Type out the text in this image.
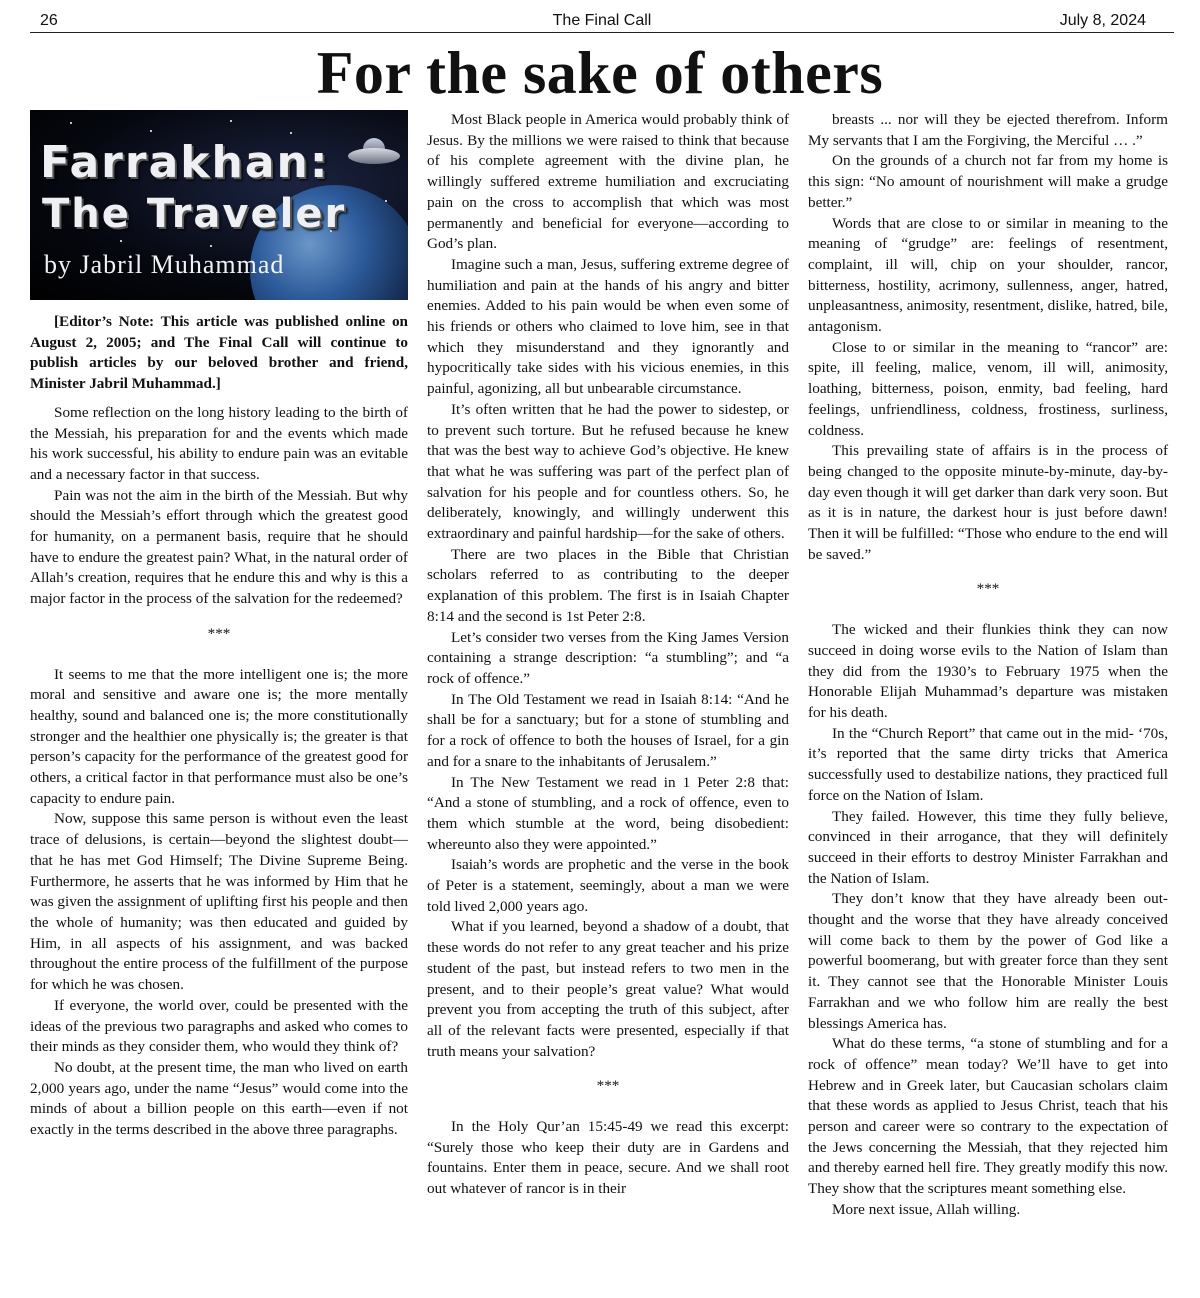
26	The Final Call	July 8, 2024
For the sake of others
Farrakhan:
The Traveler
by Jabril Muhammad

[Editor’s Note: This article was published online on August 2, 2005; and The Final Call will continue to publish articles by our beloved brother and friend, Minister Jabril Muhammad.]

Some reflection on the long history leading to the birth of the Messiah, his preparation for and the events which made his work successful, his ability to endure pain was an evitable and a necessary factor in that success.

Pain was not the aim in the birth of the Messiah. But why should the Messiah’s effort through which the greatest good for humanity, on a permanent basis, require that he should have to endure the greatest pain? What, in the natural order of Allah’s creation, requires that he endure this and why is this a major factor in the process of the salvation for the redeemed?

***

It seems to me that the more intelligent one is; the more moral and sensitive and aware one is; the more mentally healthy, sound and balanced one is; the more constitutionally stronger and the healthier one physically is; the greater is that person’s capacity for the performance of the greatest good for others, a critical factor in that performance must also be one’s capacity to endure pain.

Now, suppose this same person is without even the least trace of delusions, is certain—beyond the slightest doubt—that he has met God Himself; The Divine Supreme Being. Furthermore, he asserts that he was informed by Him that he was given the assignment of uplifting first his people and then the whole of humanity; was then educated and guided by Him, in all aspects of his assignment, and was backed throughout the entire process of the fulfillment of the purpose for which he was chosen.

If everyone, the world over, could be presented with the ideas of the previous two paragraphs and asked who comes to their minds as they consider them, who would they think of?

No doubt, at the present time, the man who lived on earth 2,000 years ago, under the name “Jesus” would come into the minds of about a billion people on this earth—even if not exactly in the terms described in the above three paragraphs.

Most Black people in America would probably think of Jesus. By the millions we were raised to think that because of his complete agreement with the divine plan, he willingly suffered extreme humiliation and excruciating pain on the cross to accomplish that which was most permanently and beneficial for everyone—according to God’s plan.

Imagine such a man, Jesus, suffering extreme degree of humiliation and pain at the hands of his angry and bitter enemies. Added to his pain would be when even some of his friends or others who claimed to love him, see in that which they misunderstand and they ignorantly and hypocritically take sides with his vicious enemies, in this painful, agonizing, all but unbearable circumstance.

It’s often written that he had the power to sidestep, or to prevent such torture. But he refused because he knew that was the best way to achieve God’s objective. He knew that what he was suffering was part of the perfect plan of salvation for his people and for countless others. So, he deliberately, knowingly, and willingly underwent this extraordinary and painful hardship—for the sake of others.

There are two places in the Bible that Christian scholars referred to as contributing to the deeper explanation of this problem. The first is in Isaiah Chapter 8:14 and the second is 1st Peter 2:8.

Let’s consider two verses from the King James Version containing a strange description: “a stumbling”; and “a rock of offence.”

In The Old Testament we read in Isaiah 8:14: “And he shall be for a sanctuary; but for a stone of stumbling and for a rock of offence to both the houses of Israel, for a gin and for a snare to the inhabitants of Jerusalem.”

In The New Testament we read in 1 Peter 2:8 that: “And a stone of stumbling, and a rock of offence, even to them which stumble at the word, being disobedient: whereunto also they were appointed.”

Isaiah’s words are prophetic and the verse in the book of Peter is a statement, seemingly, about a man we were told lived 2,000 years ago.

What if you learned, beyond a shadow of a doubt, that these words do not refer to any great teacher and his prize student of the past, but instead refers to two men in the present, and to their people’s great value? What would prevent you from accepting the truth of this subject, after all of the relevant facts were presented, especially if that truth means your salvation?

***

In the Holy Qur’an 15:45-49 we read this excerpt: “Surely those who keep their duty are in Gardens and fountains. Enter them in peace, secure. And we shall root out whatever of rancor is in their

breasts ... nor will they be ejected therefrom. Inform My servants that I am the Forgiving, the Merciful … .”

On the grounds of a church not far from my home is this sign: “No amount of nourishment will make a grudge better.”

Words that are close to or similar in meaning to the meaning of “grudge” are: feelings of resentment, complaint, ill will, chip on your shoulder, rancor, bitterness, hostility, acrimony, sullenness, anger, hatred, unpleasantness, animosity, resentment, dislike, hatred, bile, antagonism.

Close to or similar in the meaning to “rancor” are: spite, ill feeling, malice, venom, ill will, animosity, loathing, bitterness, poison, enmity, bad feeling, hard feelings, unfriendliness, coldness, frostiness, surliness, coldness.

This prevailing state of affairs is in the process of being changed to the opposite minute-by-minute, day-by-day even though it will get darker than dark very soon. But as it is in nature, the darkest hour is just before dawn! Then it will be fulfilled: “Those who endure to the end will be saved.”

***

The wicked and their flunkies think they can now succeed in doing worse evils to the Nation of Islam than they did from the 1930’s to February 1975 when the Honorable Elijah Muhammad’s departure was mistaken for his death.

In the “Church Report” that came out in the mid- ‘70s, it’s reported that the same dirty tricks that America successfully used to destabilize nations, they practiced full force on the Nation of Islam.

They failed. However, this time they fully believe, convinced in their arrogance, that they will definitely succeed in their efforts to destroy Minister Farrakhan and the Nation of Islam.

They don’t know that they have already been out-thought and the worse that they have already conceived will come back to them by the power of God like a powerful boomerang, but with greater force than they sent it. They cannot see that the Honorable Minister Louis Farrakhan and we who follow him are really the best blessings America has.

What do these terms, “a stone of stumbling and for a rock of offence” mean today? We’ll have to get into Hebrew and in Greek later, but Caucasian scholars claim that these words as applied to Jesus Christ, teach that his person and career were so contrary to the expectation of the Jews concerning the Messiah, that they rejected him and thereby earned hell fire. They greatly modify this now. They show that the scriptures meant something else.

More next issue, Allah willing.
